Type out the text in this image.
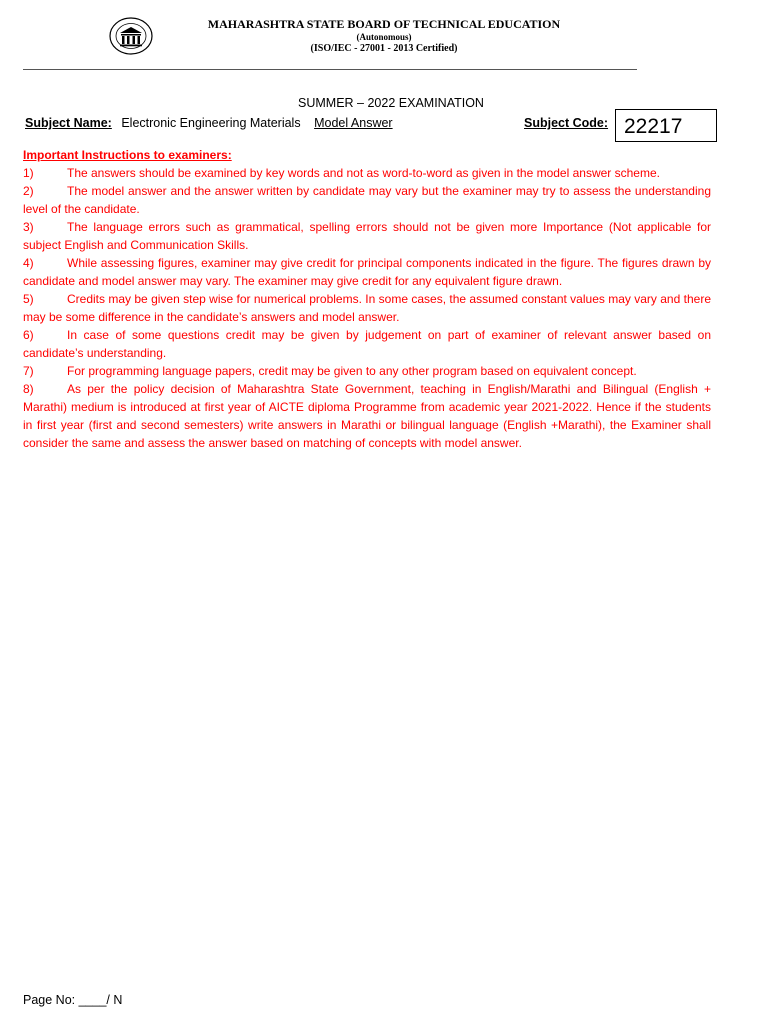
MAHARASHTRA STATE BOARD OF TECHNICAL EDUCATION
(Autonomous)
(ISO/IEC - 27001 - 2013 Certified)
SUMMER – 2022 EXAMINATION
Subject Name: Electronic Engineering Materials Model Answer	Subject Code: 22217
Important Instructions to examiners:
1)	The answers should be examined by key words and not as word-to-word as given in the model answer scheme.
2)	The model answer and the answer written by candidate may vary but the examiner may try to assess the understanding level of the candidate.
3)	The language errors such as grammatical, spelling errors should not be given more Importance (Not applicable for subject English and Communication Skills.
4)	While assessing figures, examiner may give credit for principal components indicated in the figure. The figures drawn by candidate and model answer may vary. The examiner may give credit for any equivalent figure drawn.
5)	Credits may be given step wise for numerical problems. In some cases, the assumed constant values may vary and there may be some difference in the candidate’s answers and model answer.
6)	In case of some questions credit may be given by judgement on part of examiner of relevant answer based on candidate’s understanding.
7)	For programming language papers, credit may be given to any other program based on equivalent concept.
8)	As per the policy decision of Maharashtra State Government, teaching in English/Marathi and Bilingual (English + Marathi) medium is introduced at first year of AICTE diploma Programme from academic year 2021-2022. Hence if the students in first year (first and second semesters) write answers in Marathi or bilingual language (English +Marathi), the Examiner shall consider the same and assess the answer based on matching of concepts with model answer.
Page No: ____/ N
